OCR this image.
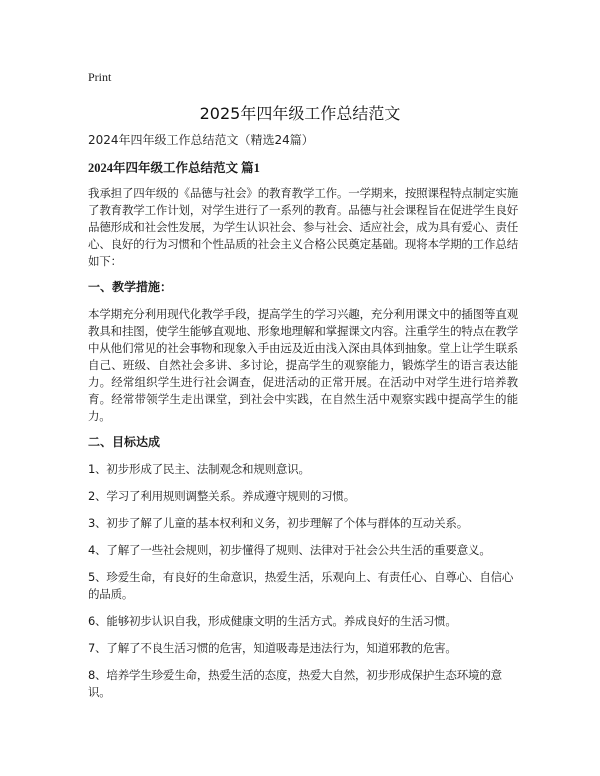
Print
2025年四年级工作总结范文

2024年四年级工作总结范文（精选24篇）

2024年四年级工作总结范文 篇1

我承担了四年级的《品德与社会》的教育教学工作。一学期来，按照课程特点制定实施了教育教学工作计划，对学生进行了一系列的教育。品德与社会课程旨在促进学生良好品德形成和社会性发展，为学生认识社会、参与社会、适应社会，成为具有爱心、责任心、良好的行为习惯和个性品质的社会主义合格公民奠定基础。现将本学期的工作总结如下：

一、教学措施：

本学期充分利用现代化教学手段，提高学生的学习兴趣，充分利用课文中的插图等直观教具和挂图，使学生能够直观地、形象地理解和掌握课文内容。注重学生的特点在教学中从他们常见的社会事物和现象入手由远及近由浅入深由具体到抽象。堂上让学生联系自己、班级、自然社会多讲、多讨论，提高学生的观察能力，锻炼学生的语言表达能力。经常组织学生进行社会调查，促进活动的正常开展。在活动中对学生进行培养教育。经常带领学生走出课堂，到社会中实践，在自然生活中观察实践中提高学生的能力。

二、目标达成

1、初步形成了民主、法制观念和规则意识。

2、学习了利用规则调整关系。养成遵守规则的习惯。

3、初步了解了儿童的基本权利和义务，初步理解了个体与群体的互动关系。

4、了解了一些社会规则，初步懂得了规则、法律对于社会公共生活的重要意义。

5、珍爱生命，有良好的生命意识，热爱生活，乐观向上、有责任心、自尊心、自信心的品质。

6、能够初步认识自我，形成健康文明的生活方式。养成良好的生活习惯。

7、了解了不良生活习惯的危害，知道吸毒是违法行为，知道邪教的危害。

8、培养学生珍爱生命，热爱生活的态度，热爱大自然，初步形成保护生态环境的意识。
